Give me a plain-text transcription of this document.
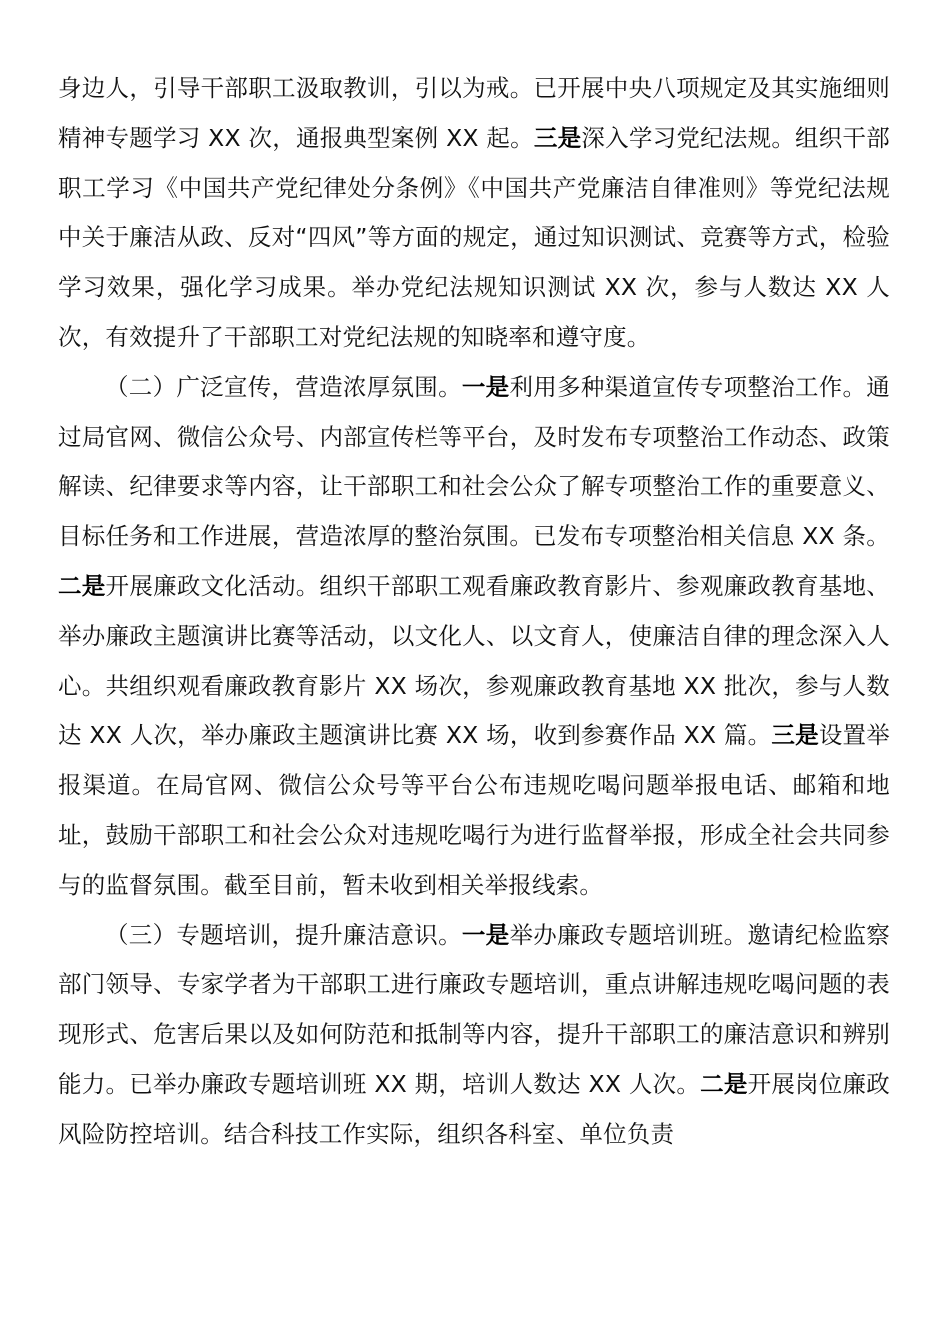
身边人，引导干部职工汲取教训，引以为戒。已开展中央八项规定及其实施细则精神专题学习 XX 次，通报典型案例 XX 起。三是深入学习党纪法规。组织干部职工学习《中国共产党纪律处分条例》《中国共产党廉洁自律准则》等党纪法规中关于廉洁从政、反对“四风”等方面的规定，通过知识测试、竞赛等方式，检验学习效果，强化学习成果。举办党纪法规知识测试 XX 次，参与人数达 XX 人次，有效提升了干部职工对党纪法规的知晓率和遵守度。

（二）广泛宣传，营造浓厚氛围。一是利用多种渠道宣传专项整治工作。通过局官网、微信公众号、内部宣传栏等平台，及时发布专项整治工作动态、政策解读、纪律要求等内容，让干部职工和社会公众了解专项整治工作的重要意义、目标任务和工作进展，营造浓厚的整治氛围。已发布专项整治相关信息 XX 条。二是开展廉政文化活动。组织干部职工观看廉政教育影片、参观廉政教育基地、举办廉政主题演讲比赛等活动，以文化人、以文育人，使廉洁自律的理念深入人心。共组织观看廉政教育影片 XX 场次，参观廉政教育基地 XX 批次，参与人数达 XX 人次，举办廉政主题演讲比赛 XX 场，收到参赛作品 XX 篇。三是设置举报渠道。在局官网、微信公众号等平台公布违规吃喝问题举报电话、邮箱和地址，鼓励干部职工和社会公众对违规吃喝行为进行监督举报，形成全社会共同参与的监督氛围。截至目前，暂未收到相关举报线索。

（三）专题培训，提升廉洁意识。一是举办廉政专题培训班。邀请纪检监察部门领导、专家学者为干部职工进行廉政专题培训，重点讲解违规吃喝问题的表现形式、危害后果以及如何防范和抵制等内容，提升干部职工的廉洁意识和辨别能力。已举办廉政专题培训班 XX 期，培训人数达 XX 人次。二是开展岗位廉政风险防控培训。结合科技工作实际，组织各科室、单位负责
